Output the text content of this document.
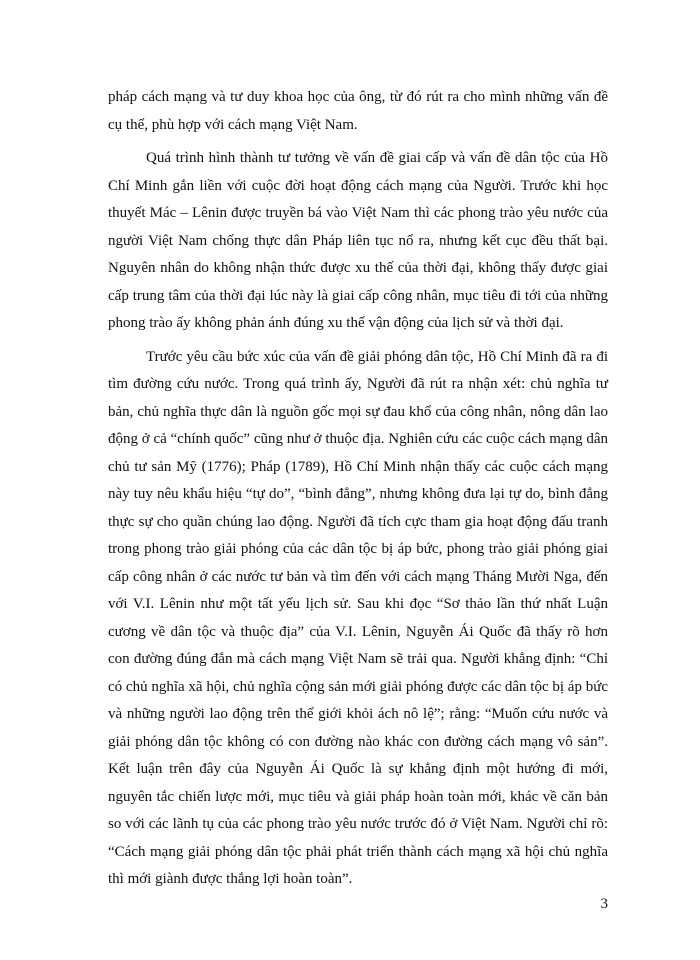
pháp cách mạng và tư duy khoa học của ông, từ đó rút ra cho mình những vấn đề cụ thể, phù hợp với cách mạng Việt Nam.

Quá trình hình thành tư tưởng về vấn đề giai cấp và vấn đề dân tộc của Hồ Chí Minh gắn liền với cuộc đời hoạt động cách mạng của Người. Trước khi học thuyết Mác – Lênin được truyền bá vào Việt Nam thì các phong trào yêu nước của người Việt Nam chống thực dân Pháp liên tục nổ ra, nhưng kết cục đều thất bại. Nguyên nhân do không nhận thức được xu thế của thời đại, không thấy được giai cấp trung tâm của thời đại lúc này là giai cấp công nhân, mục tiêu đi tới của những phong trào ấy không phản ánh đúng xu thế vận động của lịch sử và thời đại.

Trước yêu cầu bức xúc của vấn đề giải phóng dân tộc, Hồ Chí Minh đã ra đi tìm đường cứu nước. Trong quá trình ấy, Người đã rút ra nhận xét: chủ nghĩa tư bản, chủ nghĩa thực dân là nguồn gốc mọi sự đau khổ của công nhân, nông dân lao động ở cả “chính quốc” cũng như ở thuộc địa. Nghiên cứu các cuộc cách mạng dân chủ tư sản Mỹ (1776); Pháp (1789), Hồ Chí Minh nhận thấy các cuộc cách mạng này tuy nêu khẩu hiệu “tự do”, “bình đẳng”, nhưng không đưa lại tự do, bình đẳng thực sự cho quần chúng lao động. Người đã tích cực tham gia hoạt động đấu tranh trong phong trào giải phóng của các dân tộc bị áp bức, phong trào giải phóng giai cấp công nhân ở các nước tư bản và tìm đến với cách mạng Tháng Mười Nga, đến với V.I. Lênin như một tất yếu lịch sử. Sau khi đọc “Sơ thảo lần thứ nhất Luận cương về dân tộc và thuộc địa” của V.I. Lênin, Nguyễn Ái Quốc đã thấy rõ hơn con đường đúng đắn mà cách mạng Việt Nam sẽ trải qua. Người khẳng định: “Chỉ có chủ nghĩa xã hội, chủ nghĩa cộng sản mới giải phóng được các dân tộc bị áp bức và những người lao động trên thế giới khỏi ách nô lệ”; rằng: “Muốn cứu nước và giải phóng dân tộc không có con đường nào khác con đường cách mạng vô sản”. Kết luận trên đây của Nguyễn Ái Quốc là sự khẳng định một hướng đi mới, nguyên tắc chiến lược mới, mục tiêu và giải pháp hoàn toàn mới, khác về căn bản so với các lãnh tụ của các phong trào yêu nước trước đó ở Việt Nam. Người chỉ rõ: “Cách mạng giải phóng dân tộc phải phát triển thành cách mạng xã hội chủ nghĩa thì mới giành được thắng lợi hoàn toàn”.

3
